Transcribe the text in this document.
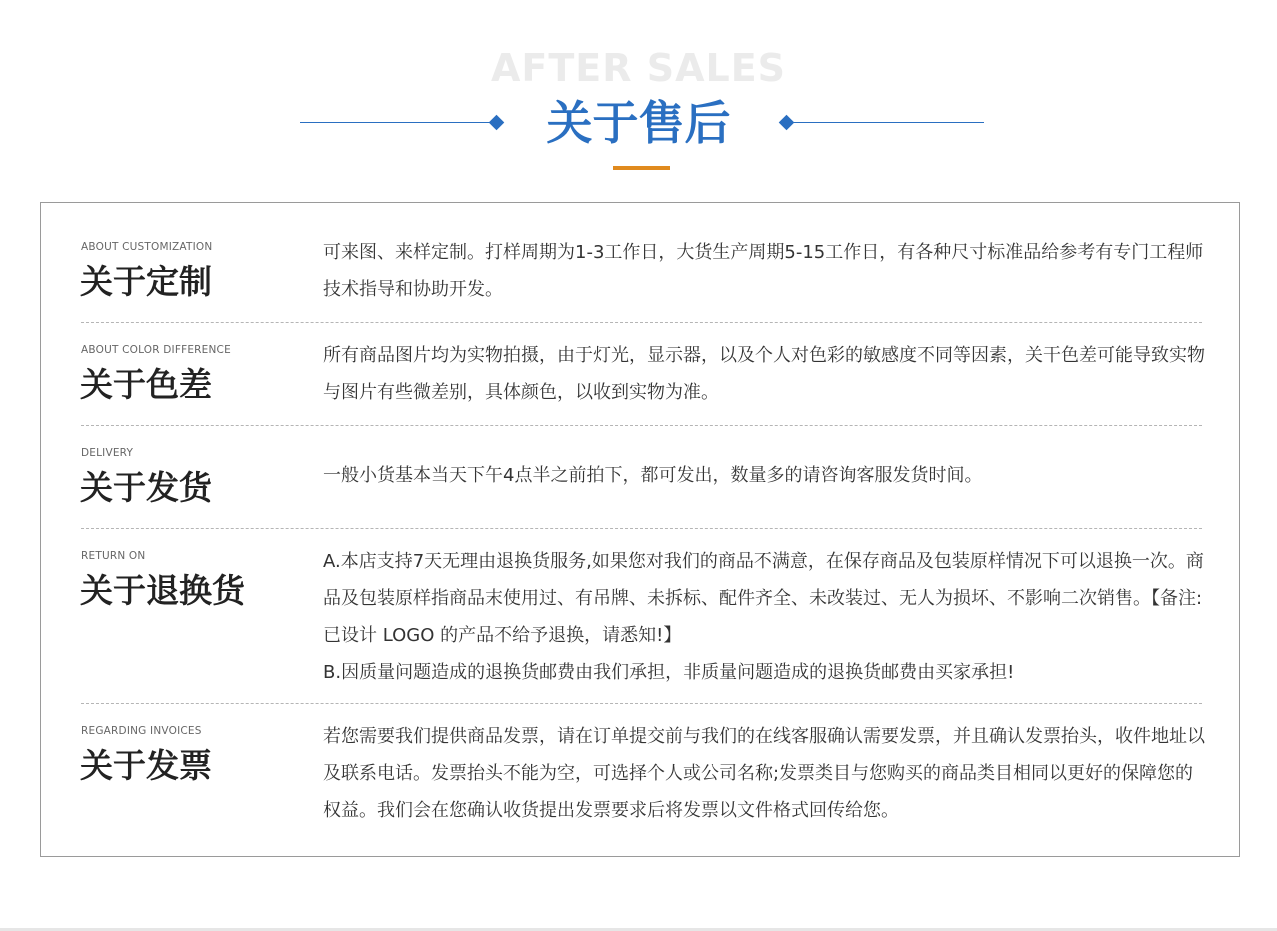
AFTER SALES
关于售后
ABOUT CUSTOMIZATION
关于定制

可来图、来样定制。打样周期为1-3工作日，大货生产周期5-15工作日，有各种尺寸标准品给参考有专门工程师技术指导和协助开发。

ABOUT COLOR DIFFERENCE
关于色差

所有商品图片均为实物拍摄，由于灯光，显示器，以及个人对色彩的敏感度不同等因素，关干色差可能导致实物与图片有些微差别，具体颜色，以收到实物为准。

DELIVERY
关于发货	一般小货基本当天下午4点半之前拍下，都可发出，数量多的请咨询客服发货时间。

RETURN ON
关于退换货

A.本店支持7天无理由退换货服务,如果您对我们的商品不满意，在保存商品及包装原样情况下可以退换一次。商品及包装原样指商品末使用过、有吊牌、未拆标、配件齐全、未改装过、无人为损坏、不影响二次销售。【备注:已设计 LOGO 的产品不给予退换，请悉知!】

B.因质量问题造成的退换货邮费由我们承担，非质量问题造成的退换货邮费由买家承担!

REGARDING INVOICES
关于发票

若您需要我们提供商品发票，请在订单提交前与我们的在线客服确认需要发票，并且确认发票抬头，收件地址以及联系电话。发票抬头不能为空，可选择个人或公司名称;发票类目与您购买的商品类目相同以更好的保障您的权益。我们会在您确认收货提出发票要求后将发票以文件格式回传给您。
